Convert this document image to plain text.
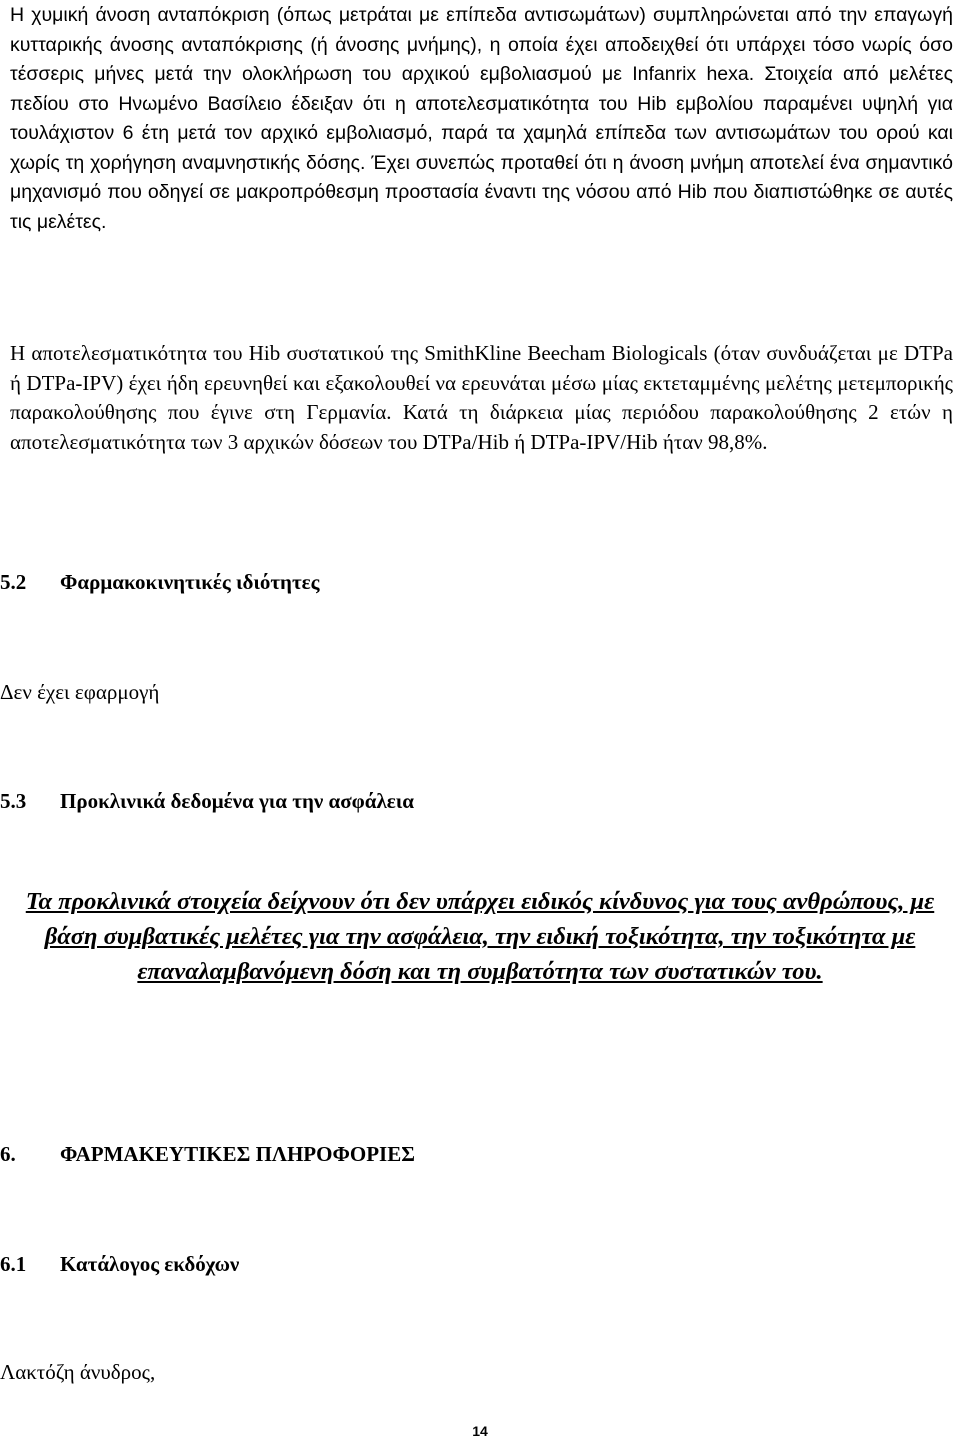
Η χυμική άνοση ανταπόκριση (όπως μετράται με επίπεδα αντισωμάτων) συμπληρώνεται από την επαγωγή κυτταρικής άνοσης ανταπόκρισης (ή άνοσης μνήμης), η οποία έχει αποδειχθεί ότι υπάρχει τόσο νωρίς όσο τέσσερις μήνες μετά την ολοκλήρωση του αρχικού εμβολιασμού με Infanrix hexa. Στοιχεία από μελέτες πεδίου στο Ηνωμένο Βασίλειο έδειξαν ότι η αποτελεσματικότητα του Hib εμβολίου παραμένει υψηλή για τουλάχιστον 6 έτη μετά τον αρχικό εμβολιασμό, παρά τα χαμηλά επίπεδα των αντισωμάτων του ορού και χωρίς τη χορήγηση αναμνηστικής δόσης. Έχει συνεπώς προταθεί ότι η άνοση μνήμη αποτελεί ένα σημαντικό μηχανισμό που οδηγεί σε μακροπρόθεσμη προστασία έναντι της νόσου από Hib που διαπιστώθηκε σε αυτές τις μελέτες.

Η αποτελεσματικότητα του Hib συστατικού της SmithKline Beecham Biologicals (όταν συνδυάζεται με DTPa ή DTPa-IPV) έχει ήδη ερευνηθεί και εξακολουθεί να ερευνάται μέσω μίας εκτεταμμένης μελέτης μετεμπορικής παρακολούθησης που έγινε στη Γερμανία. Κατά τη διάρκεια μίας περιόδου παρακολούθησης 2 ετών η αποτελεσματικότητα των 3 αρχικών δόσεων του DTPa/Hib ή DTPa-IPV/Hib ήταν 98,8%.

5.2 Φαρμακοκινητικές ιδιότητες
Δεν έχει εφαρμογή
5.3 Προκλινικά δεδομένα για την ασφάλεια

Τα προκλινικά στοιχεία δείχνουν ότι δεν υπάρχει ειδικός κίνδυνος για τους ανθρώπους, με βάση συμβατικές μελέτες για την ασφάλεια, την ειδική τοξικότητα, την τοξικότητα με επαναλαμβανόμενη δόση και τη συμβατότητα των συστατικών του.

6. ΦΑΡΜΑΚΕΥΤΙΚΕΣ ΠΛΗΡΟΦΟΡΙΕΣ
6.1 Κατάλογος εκδόχων
Λακτόζη άνυδρος,
14
